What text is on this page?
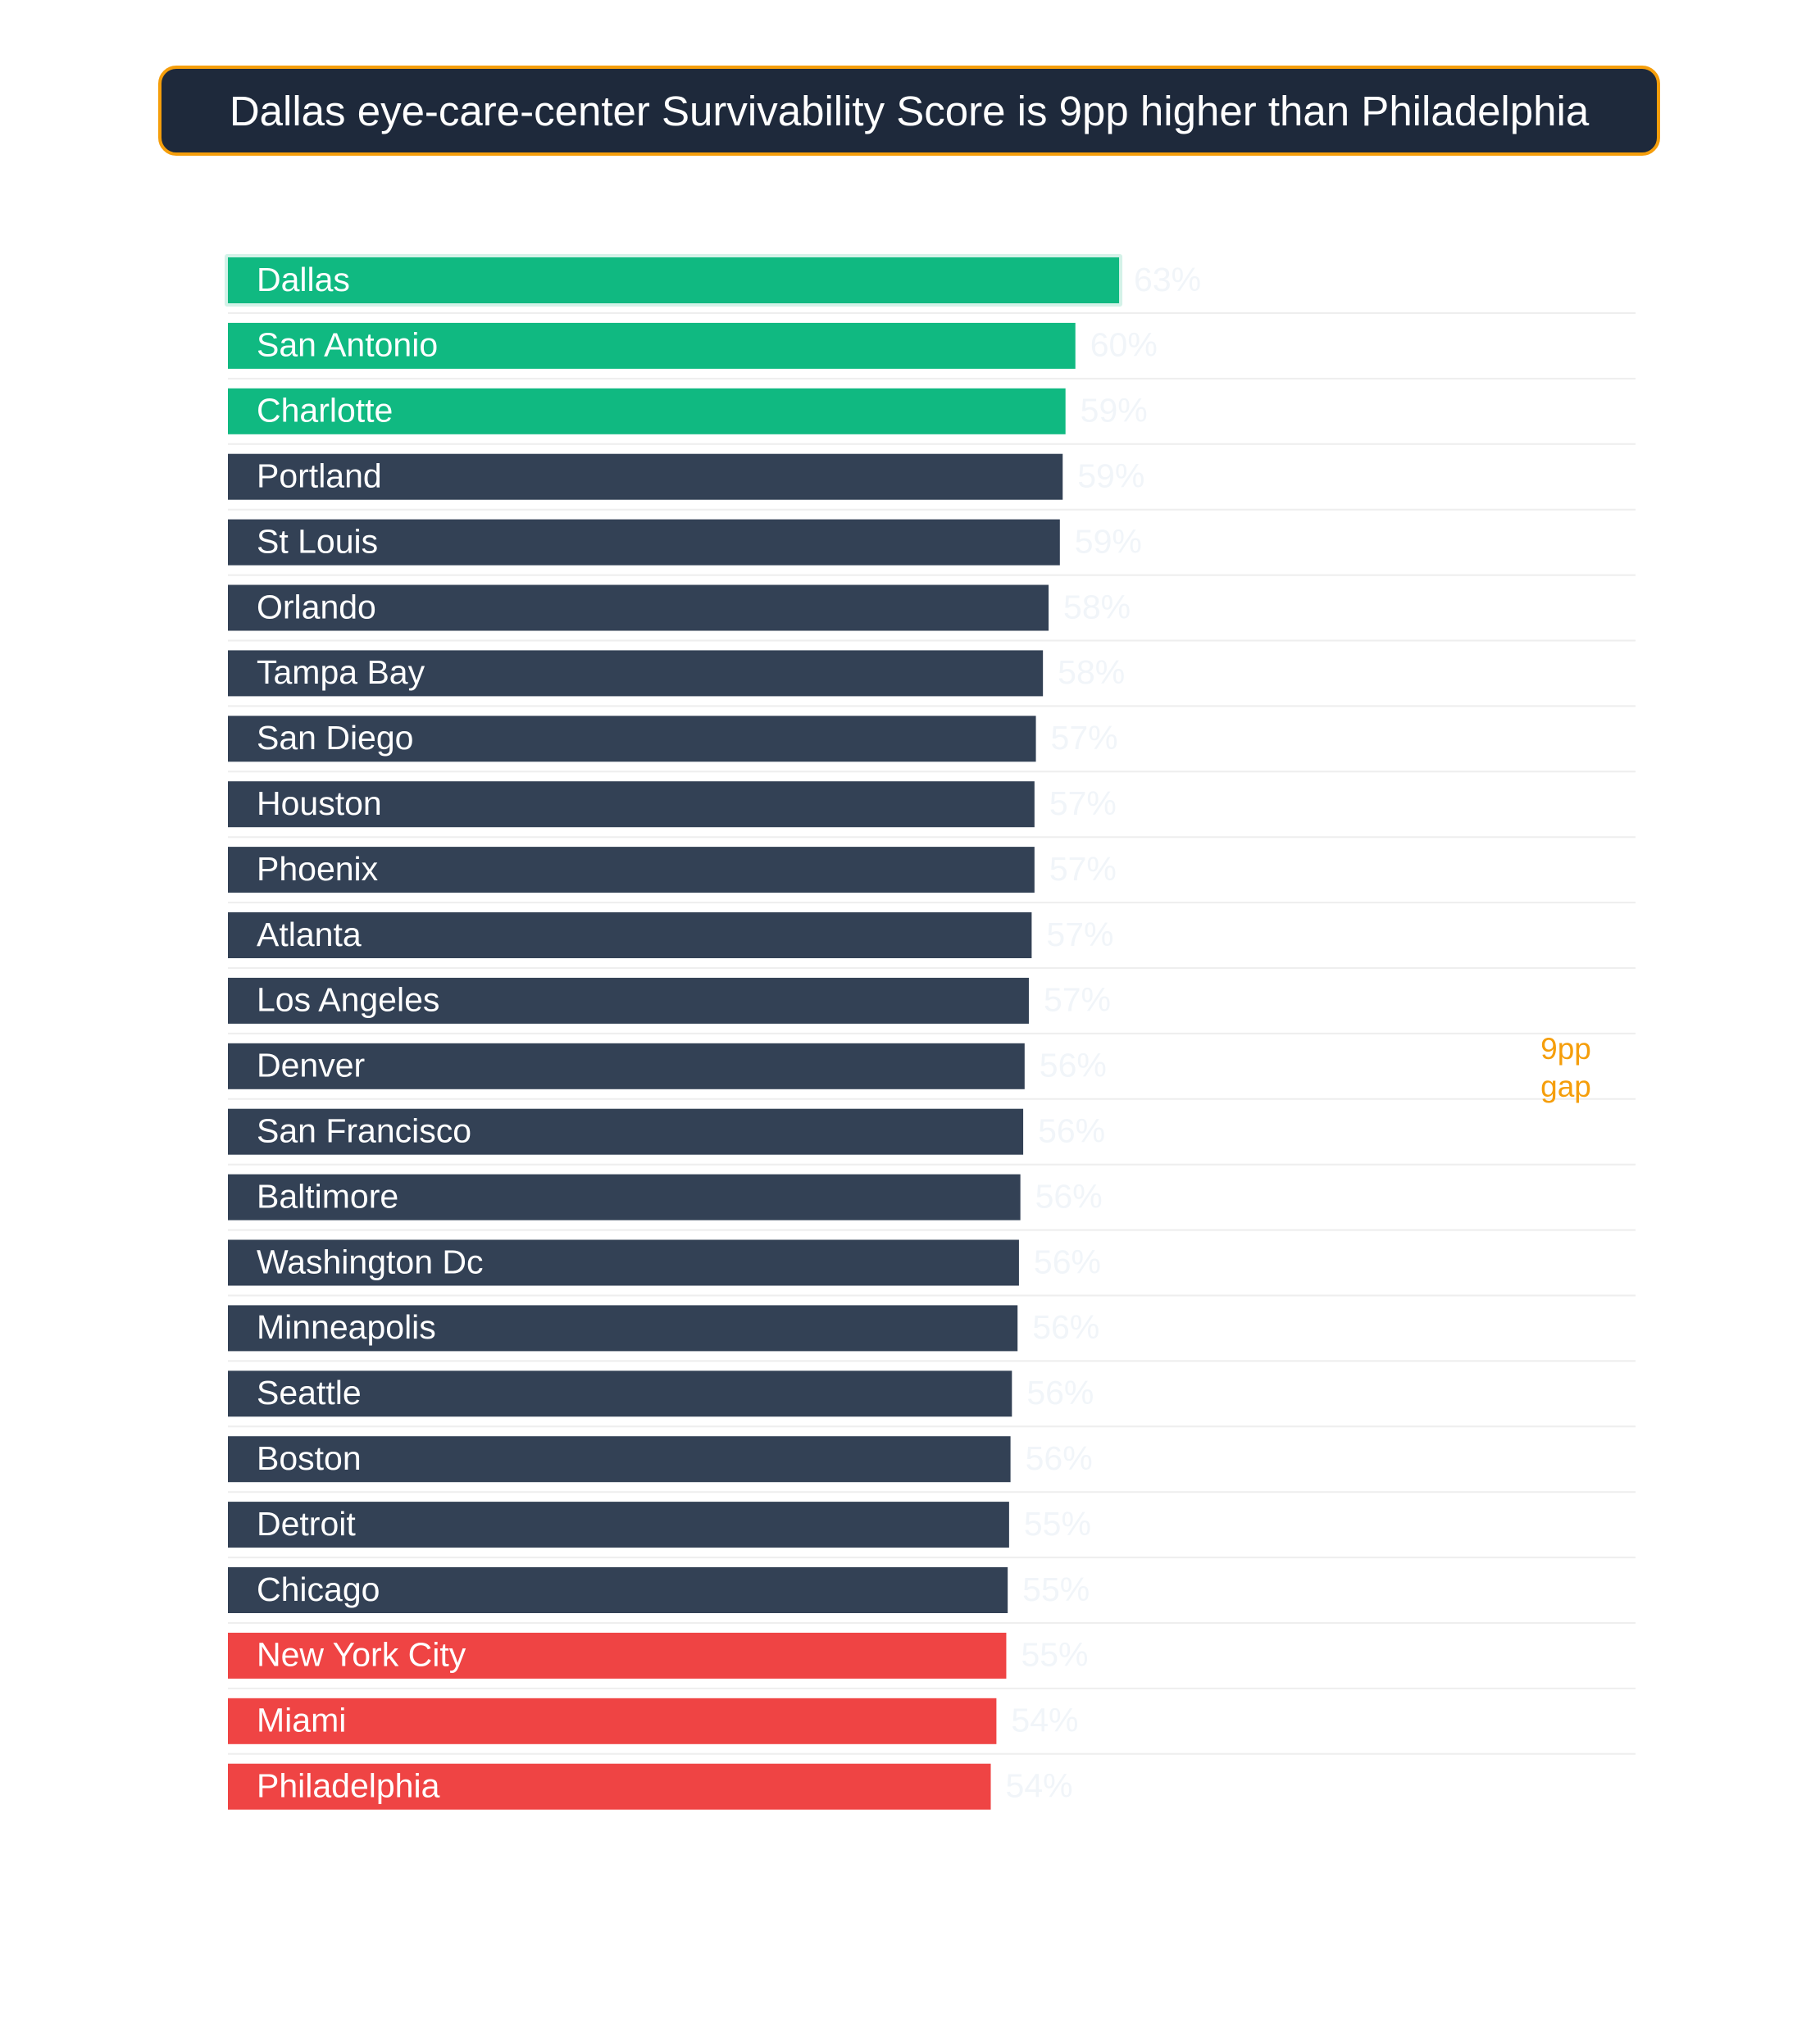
Dallas eye-care-center Survivability Score is 9pp higher than Philadelphia
Dallas	63%
San Antonio	60%
Charlotte	59%
Portland	59%
St Louis	59%
Orlando	58%
Tampa Bay	58%
San Diego	57%
Houston	57%
Phoenix	57%
Atlanta	57%
Los Angeles	57%
Denver	56%
San Francisco	56%
Baltimore	56%
Washington Dc	56%
Minneapolis	56%
Seattle	56%
Boston	56%
Detroit	55%
Chicago	55%
New York City	55%
Miami	54%
Philadelphia	54%
9pp
gap
